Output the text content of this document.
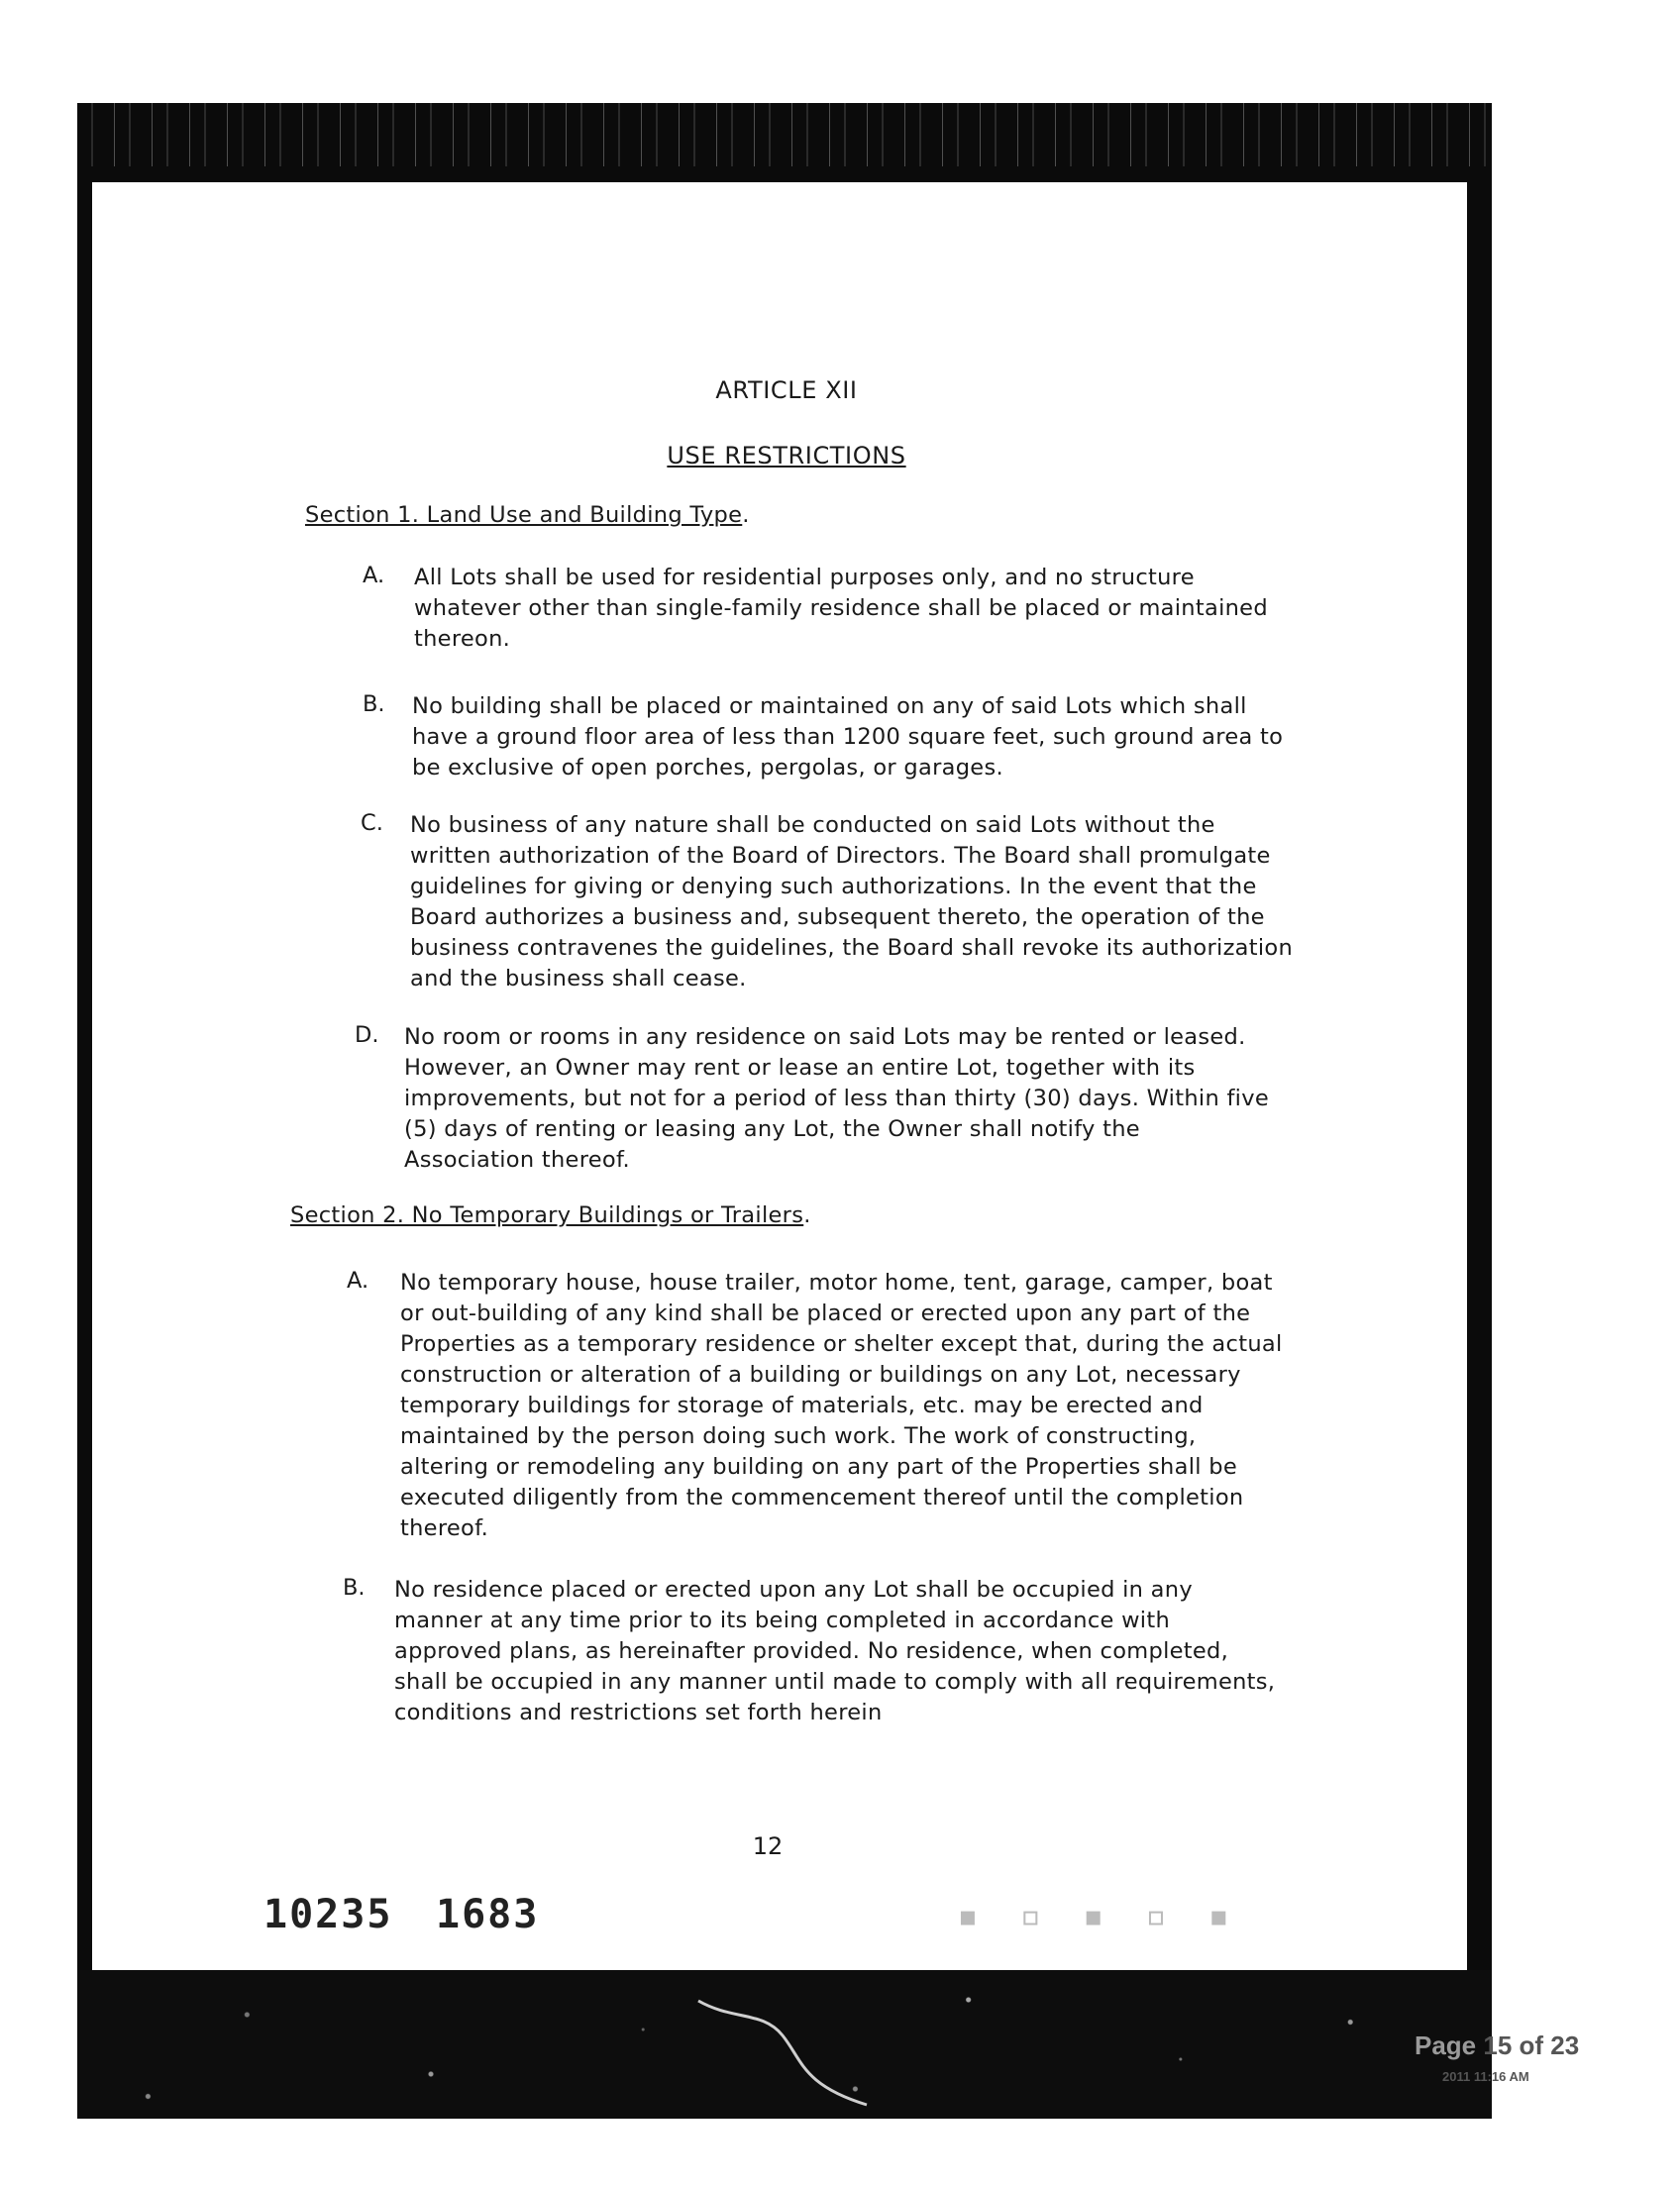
ARTICLE XII
USE RESTRICTIONS
Section 1. Land Use and Building Type.
A. All Lots shall be used for residential purposes only, and no structure
whatever other than single-family residence shall be placed or maintained
thereon.
B. No building shall be placed or maintained on any of said Lots which shall
have a ground floor area of less than 1200 square feet, such ground area to
be exclusive of open porches, pergolas, or garages.
C. No business of any nature shall be conducted on said Lots without the
written authorization of the Board of Directors. The Board shall promulgate
guidelines for giving or denying such authorizations. In the event that the
Board authorizes a business and, subsequent thereto, the operation of the
business contravenes the guidelines, the Board shall revoke its authorization
and the business shall cease.
D. No room or rooms in any residence on said Lots may be rented or leased.
However, an Owner may rent or lease an entire Lot, together with its
improvements, but not for a period of less than thirty (30) days. Within five
(5) days of renting or leasing any Lot, the Owner shall notify the
Association thereof.
Section 2. No Temporary Buildings or Trailers.
A. No temporary house, house trailer, motor home, tent, garage, camper, boat
or out-building of any kind shall be placed or erected upon any part of the
Properties as a temporary residence or shelter except that, during the actual
construction or alteration of a building or buildings on any Lot, necessary
temporary buildings for storage of materials, etc. may be erected and
maintained by the person doing such work. The work of constructing,
altering or remodeling any building on any part of the Properties shall be
executed diligently from the commencement thereof until the completion
thereof.
B. No residence placed or erected upon any Lot shall be occupied in any
manner at any time prior to its being completed in accordance with
approved plans, as hereinafter provided. No residence, when completed,
shall be occupied in any manner until made to comply with all requirements,
conditions and restrictions set forth herein
12
10235 1683	▪ ▫ ▪ ▫ ▪
Page 15 of 23
2011 11:16 AM
